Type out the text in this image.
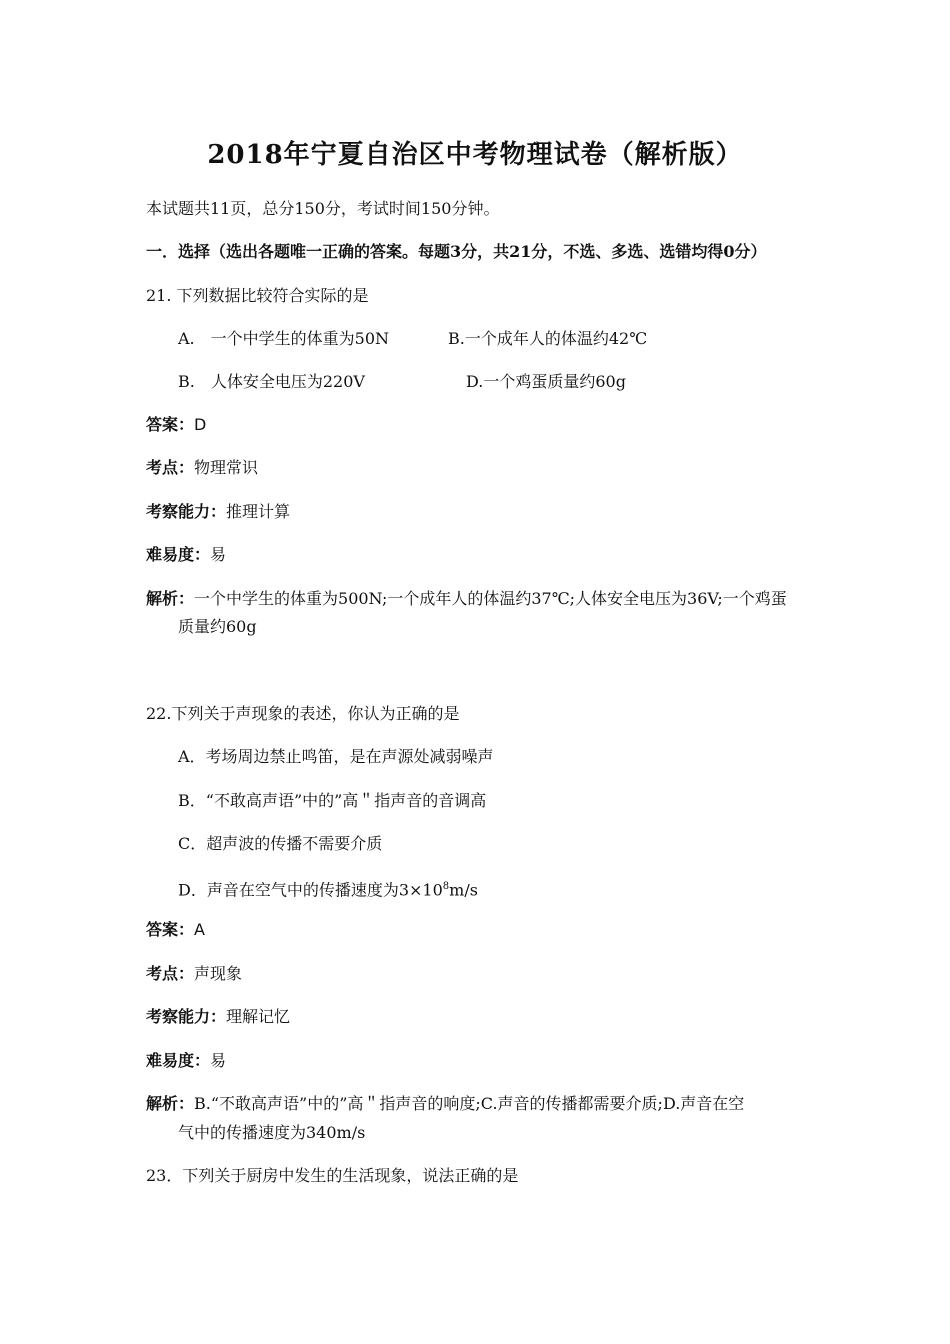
2018年宁夏自治区中考物理试卷（解析版）
本试题共11页，总分150分，考试时间150分钟。
一．选择（选出各题唯一正确的答案。每题3分，共21分，不选、多选、选错均得0分）
21. 下列数据比较符合实际的是
A.　一个中学生的体重为50N	B.一个成年人的体温约42℃
B.　人体安全电压为220V	D.一个鸡蛋质量约60g
答案：D
考点：物理常识
考察能力：推理计算
难易度：易
解析：一个中学生的体重为500N;一个成年人的体温约37℃;人体安全电压为36V;一个鸡蛋
质量约60g
22.下列关于声现象的表述，你认为正确的是
A．考场周边禁止鸣笛，是在声源处减弱噪声
B．“不敢高声语”中的”高＂指声音的音调高
C．超声波的传播不需要介质
D．声音在空气中的传播速度为$3\times 10^8m/s$
答案：A
考点：声现象
考察能力：理解记忆
难易度：易
解析：B.“不敢高声语”中的”高＂指声音的响度;C.声音的传播都需要介质;D.声音在空
气中的传播速度为340m/s
23．下列关于厨房中发生的生活现象，说法正确的是
